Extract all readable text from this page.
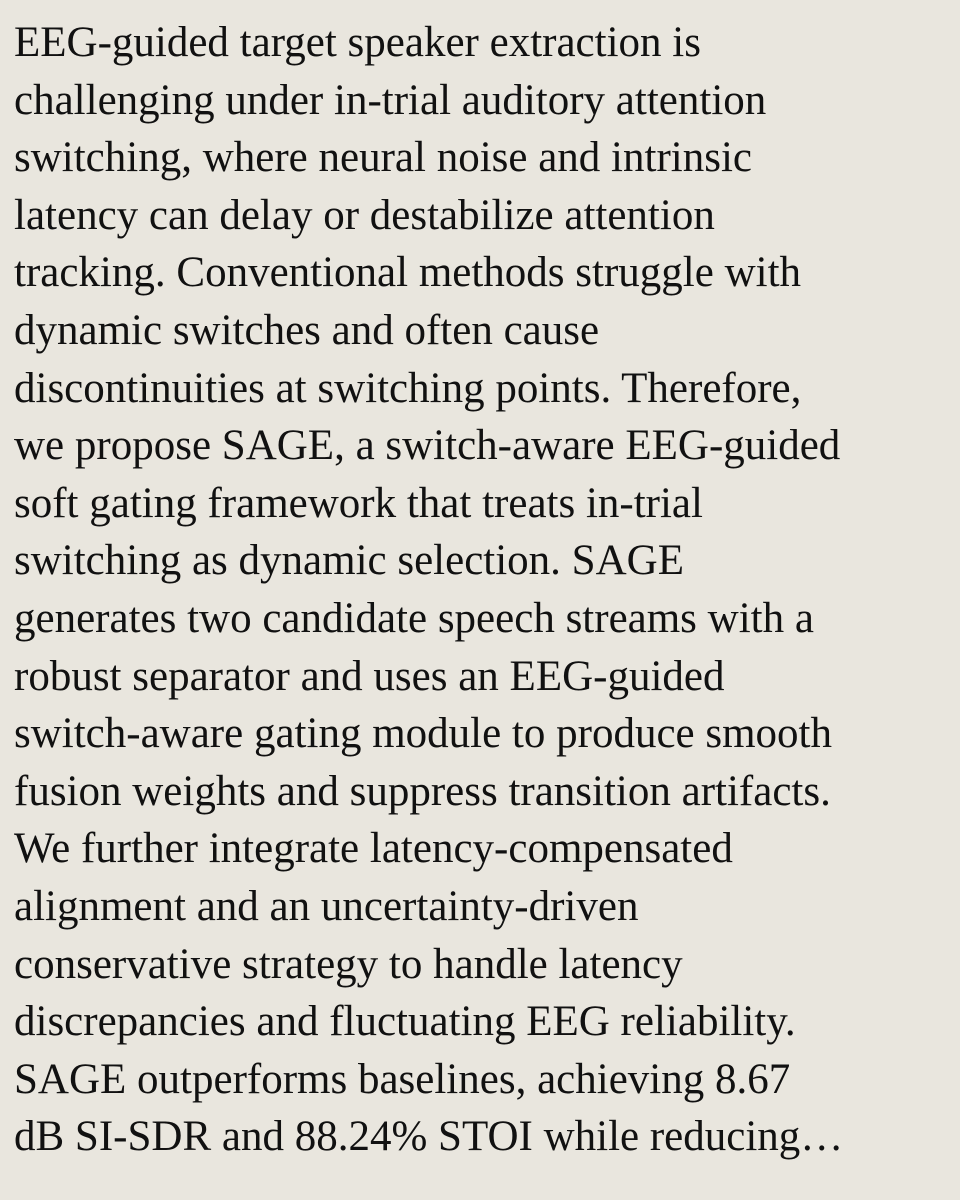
EEG-guided target speaker extraction is
challenging under in-trial auditory attention
switching, where neural noise and intrinsic
latency can delay or destabilize attention
tracking. Conventional methods struggle with
dynamic switches and often cause
discontinuities at switching points. Therefore,
we propose SAGE, a switch-aware EEG-guided
soft gating framework that treats in-trial
switching as dynamic selection. SAGE
generates two candidate speech streams with a
robust separator and uses an EEG-guided
switch-aware gating module to produce smooth
fusion weights and suppress transition artifacts.
We further integrate latency-compensated
alignment and an uncertainty-driven
conservative strategy to handle latency
discrepancies and fluctuating EEG reliability.
SAGE outperforms baselines, achieving 8.67
dB SI-SDR and 88.24% STOI while reducing…
